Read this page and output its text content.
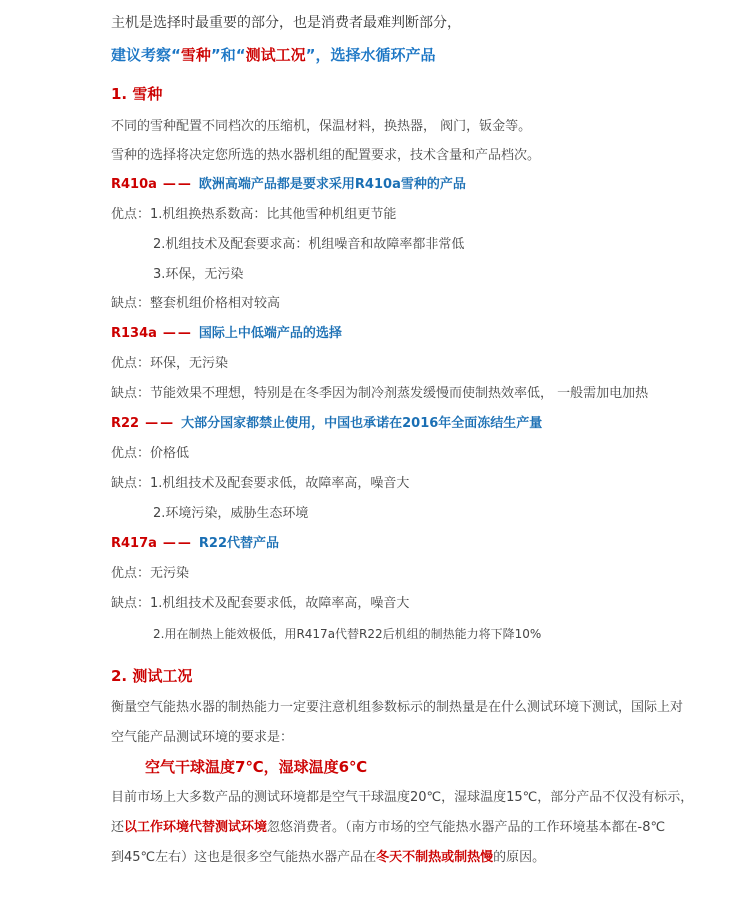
主机是选择时最重要的部分，也是消费者最难判断部分，
建议考察“雪种”和“测试工况”，选择水循环产品
1. 雪种
不同的雪种配置不同档次的压缩机，保温材料，换热器， 阀门，钣金等。
雪种的选择将决定您所选的热水器机组的配置要求，技术含量和产品档次。
R410a —— 欧洲高端产品都是要求采用R410a雪种的产品
优点：1.机组换热系数高：比其他雪种机组更节能
2.机组技术及配套要求高：机组噪音和故障率都非常低
3.环保，无污染
缺点：整套机组价格相对较高
R134a —— 国际上中低端产品的选择
优点：环保，无污染
缺点：节能效果不理想，特别是在冬季因为制冷剂蒸发缓慢而使制热效率低， 一般需加电加热
R22 —— 大部分国家都禁止使用，中国也承诺在2016年全面冻结生产量
优点：价格低
缺点：1.机组技术及配套要求低，故障率高，噪音大
2.环境污染，威胁生态环境
R417a —— R22代替产品
优点：无污染
缺点：1.机组技术及配套要求低，故障率高，噪音大
2.用在制热上能效极低，用R417a代替R22后机组的制热能力将下降10%
2. 测试工况
衡量空气能热水器的制热能力一定要注意机组参数标示的制热量是在什么测试环境下测试，国际上对
空气能产品测试环境的要求是：
空气干球温度7℃，湿球温度6℃
目前市场上大多数产品的测试环境都是空气干球温度20℃，湿球温度15℃，部分产品不仅没有标示，
还以工作环境代替测试环境忽悠消费者。（南方市场的空气能热水器产品的工作环境基本都在-8℃
到45℃左右）这也是很多空气能热水器产品在冬天不制热或制热慢的原因。
